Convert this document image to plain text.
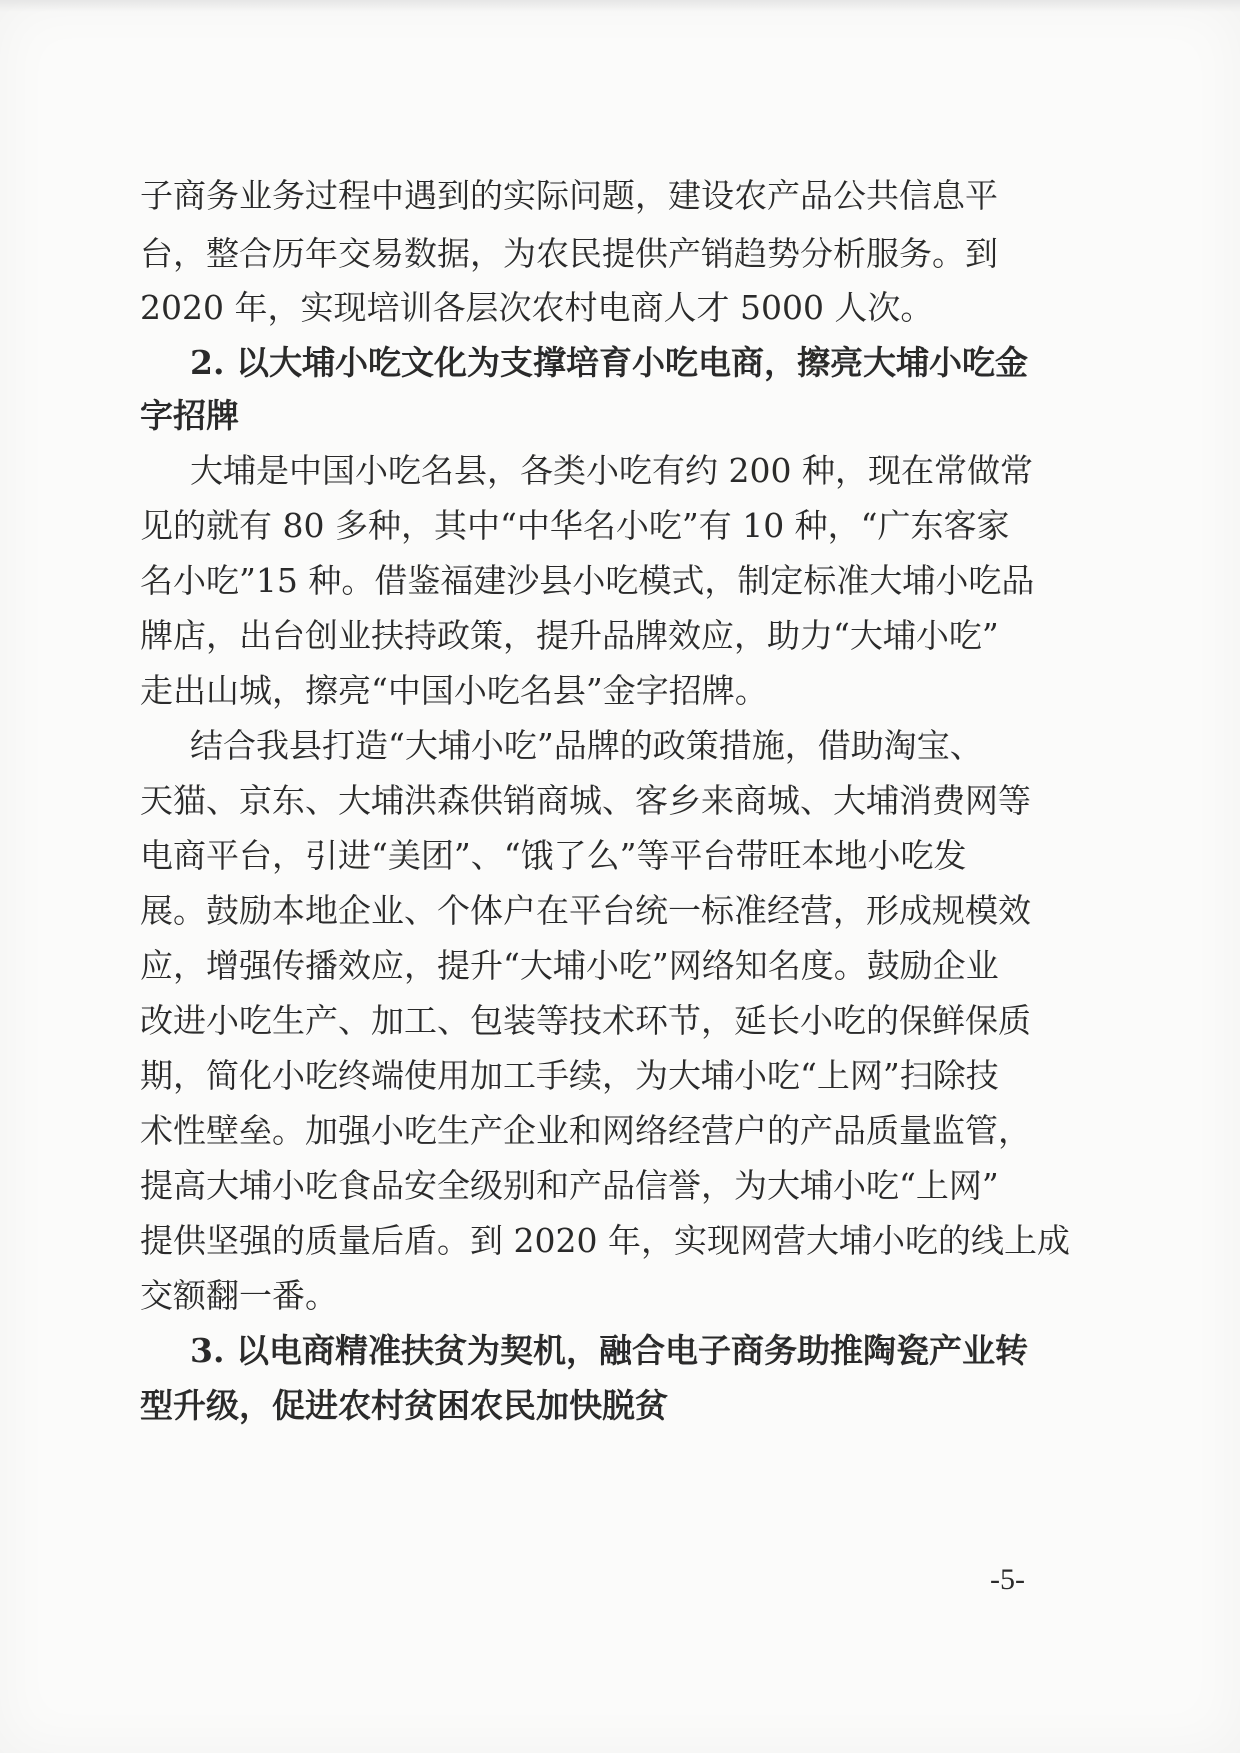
子商务业务过程中遇到的实际问题，建设农产品公共信息平
台，整合历年交易数据，为农民提供产销趋势分析服务。到
2020 年，实现培训各层次农村电商人才 5000 人次。
2. 以大埔小吃文化为支撑培育小吃电商，擦亮大埔小吃金
字招牌
大埔是中国小吃名县，各类小吃有约 200 种，现在常做常
见的就有 80 多种，其中“中华名小吃”有 10 种，“广东客家
名小吃”15 种。借鉴福建沙县小吃模式，制定标准大埔小吃品
牌店，出台创业扶持政策，提升品牌效应，助力“大埔小吃”
走出山城，擦亮“中国小吃名县”金字招牌。
结合我县打造“大埔小吃”品牌的政策措施，借助淘宝、
天猫、京东、大埔洪森供销商城、客乡来商城、大埔消费网等
电商平台，引进“美团”、“饿了么”等平台带旺本地小吃发
展。鼓励本地企业、个体户在平台统一标准经营，形成规模效
应，增强传播效应，提升“大埔小吃”网络知名度。鼓励企业
改进小吃生产、加工、包装等技术环节，延长小吃的保鲜保质
期，简化小吃终端使用加工手续，为大埔小吃“上网”扫除技
术性壁垒。加强小吃生产企业和网络经营户的产品质量监管，
提高大埔小吃食品安全级别和产品信誉，为大埔小吃“上网”
提供坚强的质量后盾。到 2020 年，实现网营大埔小吃的线上成
交额翻一番。
3. 以电商精准扶贫为契机，融合电子商务助推陶瓷产业转
型升级，促进农村贫困农民加快脱贫
-5-
